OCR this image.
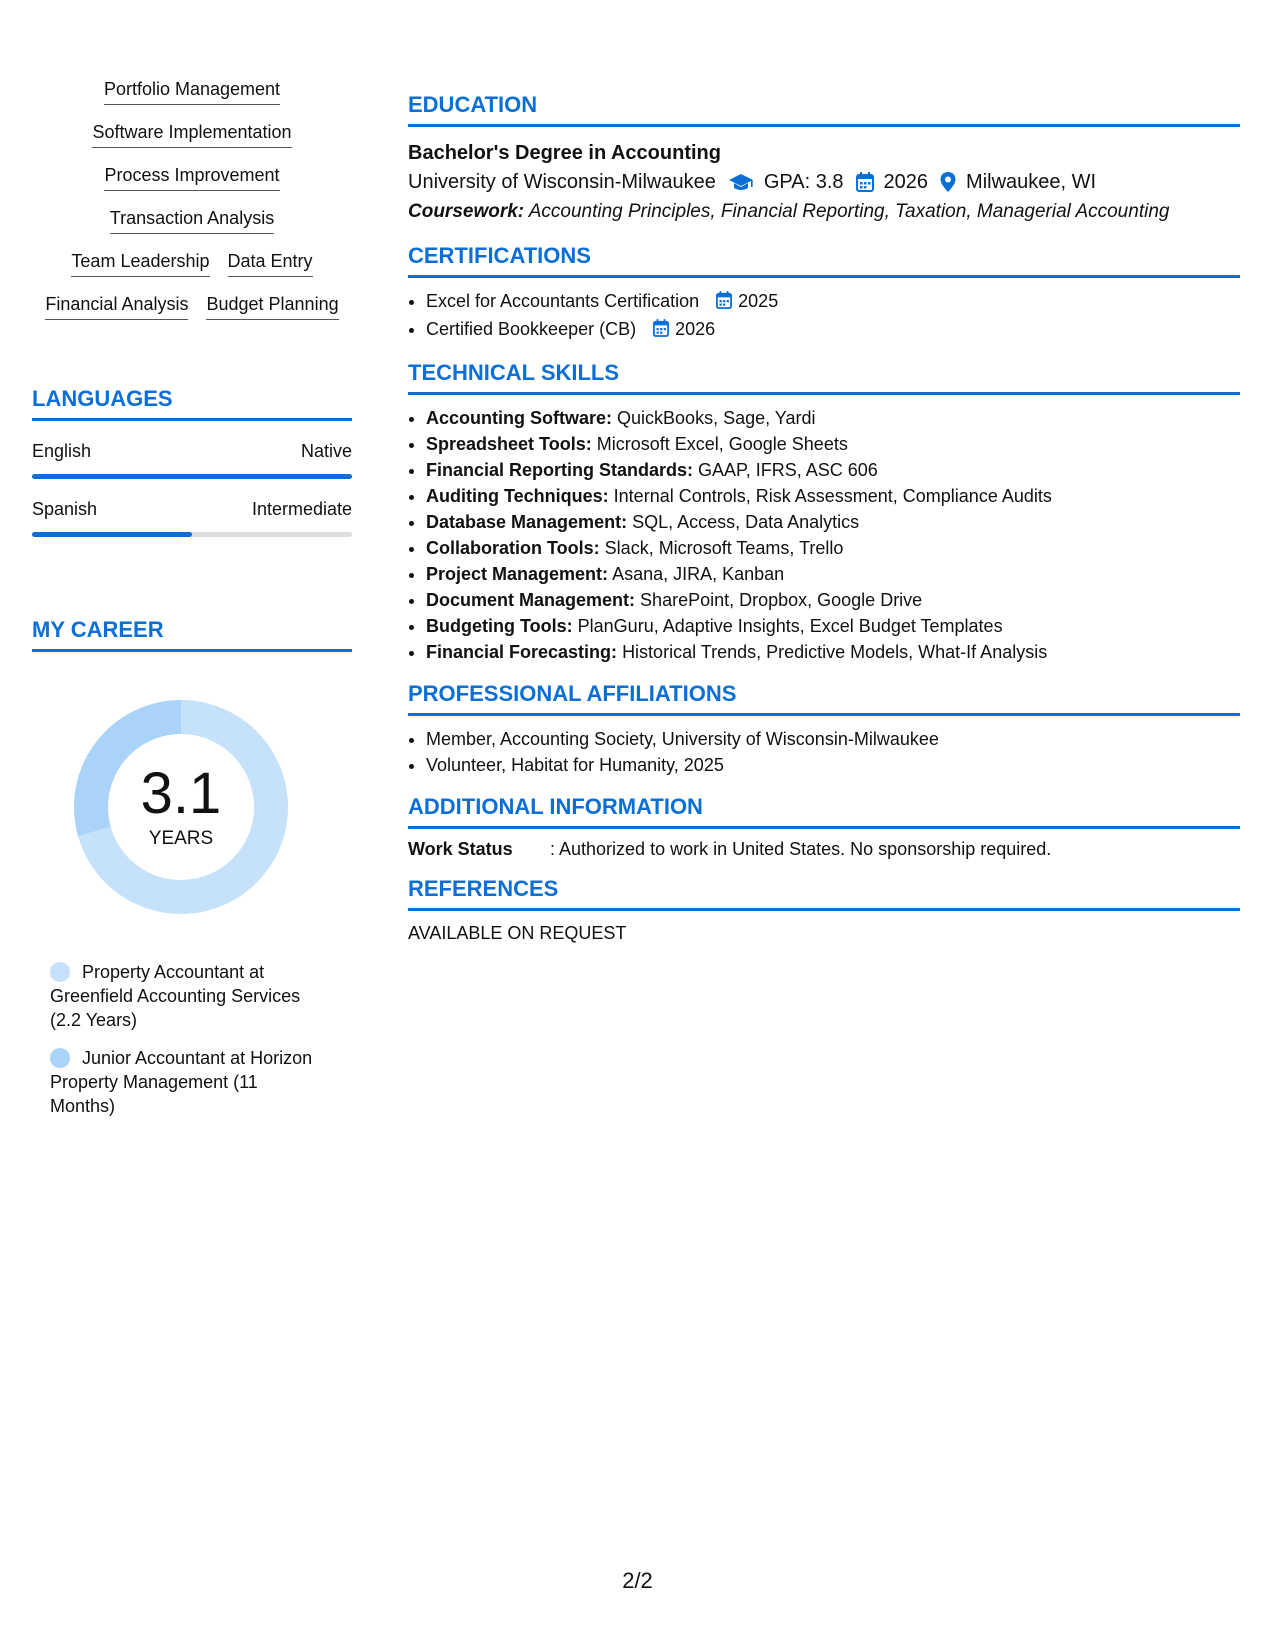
Portfolio Management
Software Implementation
Process Improvement
Transaction Analysis
Team Leadership Data Entry
Financial Analysis Budget Planning
LANGUAGES
English	Native
Spanish	Intermediate
MY CAREER
3.1
YEARS
Property Accountant at Greenfield Accounting Services (2.2 Years)
Junior Accountant at Horizon Property Management (11 Months)
EDUCATION
Bachelor's Degree in Accounting
University of Wisconsin-Milwaukee GPA: 3.8 2026 Milwaukee, WI
Coursework: Accounting Principles, Financial Reporting, Taxation, Managerial Accounting
CERTIFICATIONS
• Excel for Accountants Certification 2025
• Certified Bookkeeper (CB) 2026
TECHNICAL SKILLS
• Accounting Software: QuickBooks, Sage, Yardi
• Spreadsheet Tools: Microsoft Excel, Google Sheets
• Financial Reporting Standards: GAAP, IFRS, ASC 606
• Auditing Techniques: Internal Controls, Risk Assessment, Compliance Audits
• Database Management: SQL, Access, Data Analytics
• Collaboration Tools: Slack, Microsoft Teams, Trello
• Project Management: Asana, JIRA, Kanban
• Document Management: SharePoint, Dropbox, Google Drive
• Budgeting Tools: PlanGuru, Adaptive Insights, Excel Budget Templates
• Financial Forecasting: Historical Trends, Predictive Models, What-If Analysis
PROFESSIONAL AFFILIATIONS
• Member, Accounting Society, University of Wisconsin-Milwaukee
• Volunteer, Habitat for Humanity, 2025
ADDITIONAL INFORMATION
Work Status	: Authorized to work in United States. No sponsorship required.
REFERENCES
AVAILABLE ON REQUEST
2/2
